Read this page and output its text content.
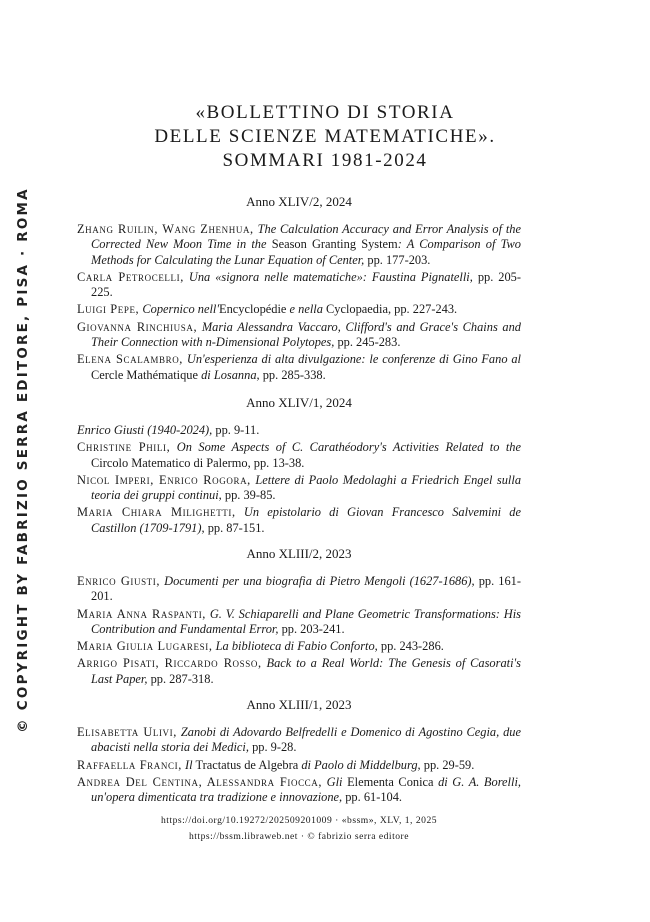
© COPYRIGHT BY FABRIZIO SERRA EDITORE, PISA · ROMA
«BOLLETTINO DI STORIA
DELLE SCIENZE MATEMATICHE».
SOMMARI 1981-2024
Anno XLIV/2, 2024

Zhang Ruilin, Wang Zhenhua, The Calculation Accuracy and Error Analysis of the Corrected New Moon Time in the Season Granting System: A Comparison of Two Methods for Calculating the Lunar Equation of Center, pp. 177-203.

Carla Petrocelli, Una «signora nelle matematiche»: Faustina Pignatelli, pp. 205-225.

Luigi Pepe, Copernico nell'Encyclopédie e nella Cyclopaedia, pp. 227-243.

Giovanna Rinchiusa, Maria Alessandra Vaccaro, Clifford's and Grace's Chains and Their Connection with n-Dimensional Polytopes, pp. 245-283.

Elena Scalambro, Un'esperienza di alta divulgazione: le conferenze di Gino Fano al Cercle Mathématique di Losanna, pp. 285-338.

Anno XLIV/1, 2024

Enrico Giusti (1940-2024), pp. 9-11.

Christine Phili, On Some Aspects of C. Carathéodory's Activities Related to the Circolo Matematico di Palermo, pp. 13-38.

Nicol Imperi, Enrico Rogora, Lettere di Paolo Medolaghi a Friedrich Engel sulla teoria dei gruppi continui, pp. 39-85.

Maria Chiara Milighetti, Un epistolario di Giovan Francesco Salvemini de Castillon (1709-1791), pp. 87-151.

Anno XLIII/2, 2023

Enrico Giusti, Documenti per una biografia di Pietro Mengoli (1627-1686), pp. 161-201.

Maria Anna Raspanti, G. V. Schiaparelli and Plane Geometric Transformations: His Contribution and Fundamental Error, pp. 203-241.

Maria Giulia Lugaresi, La biblioteca di Fabio Conforto, pp. 243-286.

Arrigo Pisati, Riccardo Rosso, Back to a Real World: The Genesis of Casorati's Last Paper, pp. 287-318.

Anno XLIII/1, 2023

Elisabetta Ulivi, Zanobi di Adovardo Belfredelli e Domenico di Agostino Cegia, due abacisti nella storia dei Medici, pp. 9-28.

Raffaella Franci, Il Tractatus de Algebra di Paolo di Middelburg, pp. 29-59.

Andrea Del Centina, Alessandra Fiocca, Gli Elementa Conica di G. A. Borelli, un'opera dimenticata tra tradizione e innovazione, pp. 61-104.

https://doi.org/10.19272/202509201009 · «bssm», XLV, 1, 2025
https://bssm.libraweb.net · © fabrizio serra editore
